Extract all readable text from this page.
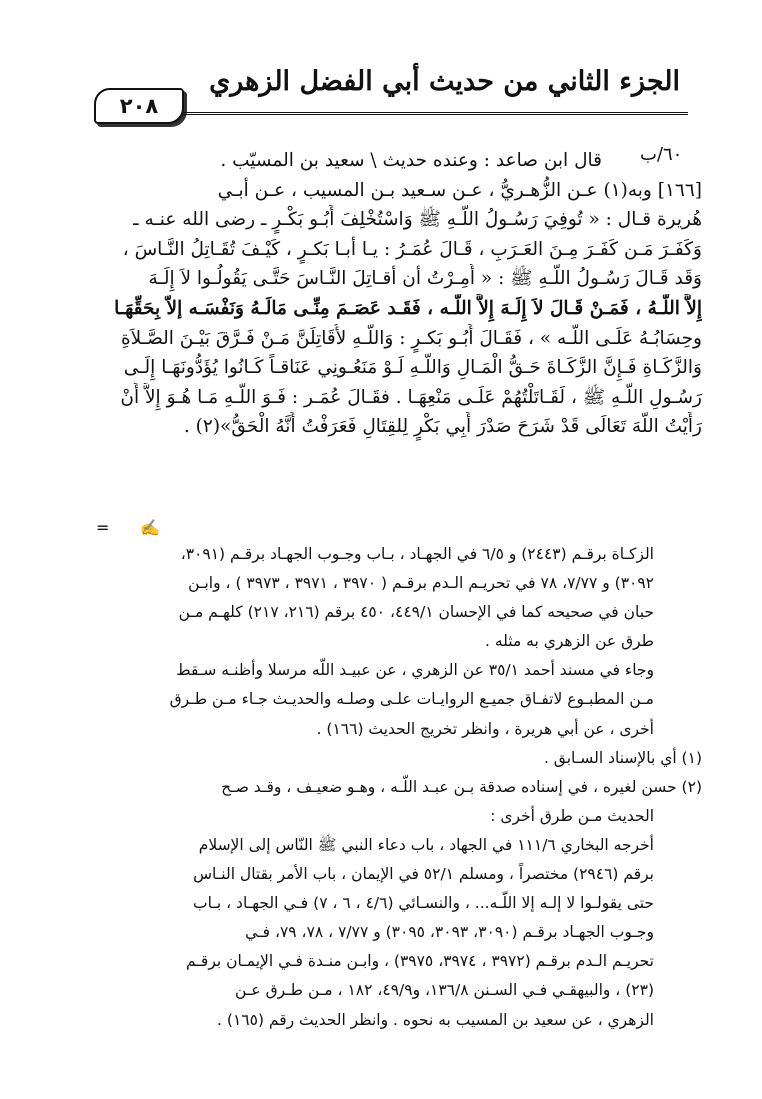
الجزء الثاني من حديث أبي الفضل الزهري
٢٠٨
٦٠/ب
قال ابن صاعد : وعنده حديث \ سعيد بن المسيّب .
[١٦٦] وبه(١) عـن الزُّهـريُّ ، عـن سـعيد بـن المسيب ، عـن أبـي
هُريرة قـال : « تُوفِيَ رَسُـولُ اللَّـهِ ﷺ وَاسْتُخْلِفَ أَبُـو بَكْـرٍ ـ رضى الله عنـه ـ
وَكَفَـرَ مَـن كَفَـرَ مِـنَ العَـرَبِ ، قَـالَ عُمَـرُ : يـا أبـا بَكـرٍ ، كَيْـفَ تُقَـاتِلُ النَّـاسَ ،
وَقَد قَـالَ رَسُـولُ اللَّـهِ ﷺ : « أُمِـرْتُ أن أقـاتِلَ النَّـاسَ حَتَّـى يَقُولُـوا لاَ إِلَـهَ
إِلاَّ اللَّـهُ ، فَمَـنْ قَـالَ لاَ إِلَـهَ إِلاَّ اللَّـه ، فَقَـد عَصَـمَ مِنِّـى مَالَـهُ وَنَفْسَـه إلاّ بِحَقِّهَـا
وحِسَابُـهُ عَلَـى اللَّـه » ، فَقَـالَ أَبُـو بَكـرٍ : وَاللَّـهِ لأُقَاتِلَنَّ مَـنْ فَـرَّقَ بَيْـنَ الصَّـلاَةِ
وَالزَّكَـاةِ فَـإِنَّ الزَّكَـاةَ حَـقُّ الْمَـالِ وَاللَّـهِ لَـوْ مَنَعُـونِي عَنَاقـاً كَـانُوا يُؤَدُّونَهَـا إِلَـى
رَسُـولِ اللَّـهِ ﷺ ، لَقَـاتَلْتُهُمْ عَلَـى مَنْعِهَـا . فقَـالَ عُمَـر : فَـوَ اللَّـهِ مَـا هُـوَ إِلاَّ أَنْ
رَأَيْتُ اللَّهَ تَعَالَى قَدْ شَرَحَ صَدْرَ أَبِي بَكْرٍ لِلقِتَالِ فَعَرَفْتُ أَنَّهُ الْحَقُّ»(٢) .
= ✍
الزكـاة برقـم (٢٤٤٣) و ٦/٥ في الجهـاد ، بـاب وجـوب الجهـاد برقـم (٣٠٩١،
٣٠٩٢) و ٧/٧٧، ٧٨ في تحريـم الـدم برقـم ( ٣٩٧٠ ، ٣٩٧١ ، ٣٩٧٣ ) ، وابـن
حبان في صحيحه كما في الإحسان ٤٤٩/١، ٤٥٠ برقم (٢١٦، ٢١٧) كلهـم مـن
طرق عن الزهري به مثله .
وجاء في مسند أحمد ٣٥/١ عن الزهري ، عن عبيـد اللّه مرسلا وأظنـه سـقط
مـن المطبـوع لاتفـاق جميـع الروايـات علـى وصلـه والحديـث جـاء مـن طـرق
أخرى ، عن أبي هريرة ، وانظر تخريج الحديث (١٦٦) .
(١) أي بالإسناد السـابق .
(٢) حسن لغيره ، في إسناده صدقة بـن عبـد اللّـه ، وهـو ضعيـف ، وقـد صـح
الحديث مـن طرق أخرى :
أخرجه البخاري ١١١/٦ في الجهاد ، باب دعاء النبي ﷺ النّاس إلى الإسلام
برقم (٢٩٤٦) مختصراً ، ومسلم ٥٢/١ في الإيمان ، باب الأمر بقتال النـاس
حتى يقولـوا لا إلـه إلا اللّـه... ، والنسـائي (٤/٦ ، ٦ ، ٧) فـي الجهـاد ، بـاب
وجـوب الجهـاد برقـم (٣٠٩٠، ٣٠٩٣، ٣٠٩٥) و ٧/٧٧ ، ٧٨، ٧٩، فـي
تحريـم الـدم برقـم (٣٩٧٢ ، ٣٩٧٤، ٣٩٧٥) ، وابـن منـدة فـي الإيمـان برقـم
(٢٣) ، والبيهقـي فـي السـنن ١٣٦/٨، و٤٩/٩، ١٨٢ ، مـن طـرق عـن
الزهري ، عن سعيد بن المسيب به نحوه . وانظر الحديث رقم (١٦٥) .
